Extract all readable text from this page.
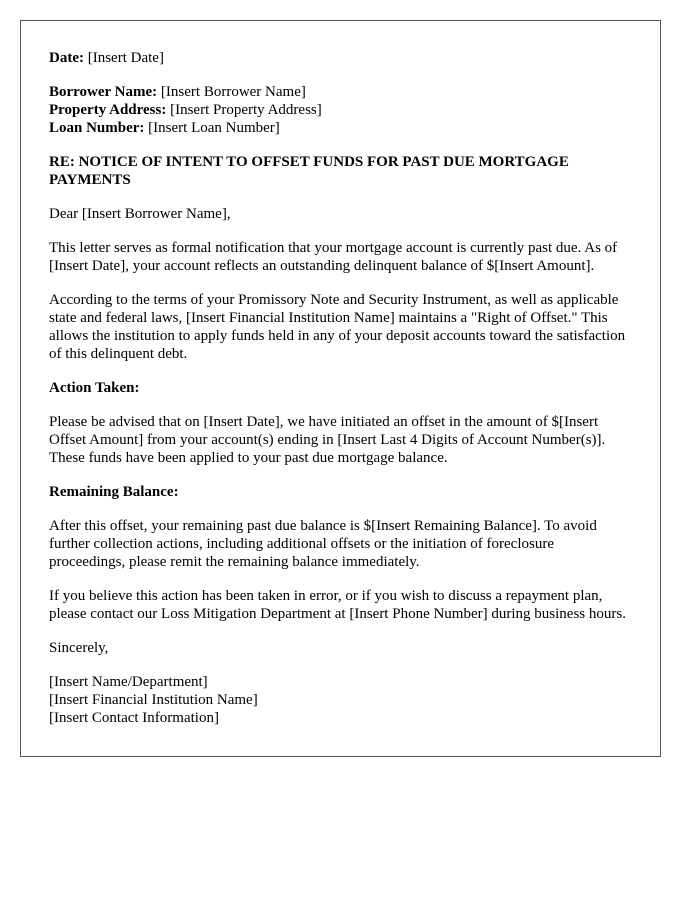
Date: [Insert Date]

Borrower Name: [Insert Borrower Name]
Property Address: [Insert Property Address]
Loan Number: [Insert Loan Number]

RE: NOTICE OF INTENT TO OFFSET FUNDS FOR PAST DUE MORTGAGE PAYMENTS

Dear [Insert Borrower Name],

This letter serves as formal notification that your mortgage account is currently past due. As of [Insert Date], your account reflects an outstanding delinquent balance of $[Insert Amount].

According to the terms of your Promissory Note and Security Instrument, as well as applicable state and federal laws, [Insert Financial Institution Name] maintains a "Right of Offset." This allows the institution to apply funds held in any of your deposit accounts toward the satisfaction of this delinquent debt.

Action Taken:

Please be advised that on [Insert Date], we have initiated an offset in the amount of $[Insert Offset Amount] from your account(s) ending in [Insert Last 4 Digits of Account Number(s)]. These funds have been applied to your past due mortgage balance.

Remaining Balance:

After this offset, your remaining past due balance is $[Insert Remaining Balance]. To avoid further collection actions, including additional offsets or the initiation of foreclosure proceedings, please remit the remaining balance immediately.

If you believe this action has been taken in error, or if you wish to discuss a repayment plan, please contact our Loss Mitigation Department at [Insert Phone Number] during business hours.

Sincerely,

[Insert Name/Department]
[Insert Financial Institution Name]
[Insert Contact Information]
